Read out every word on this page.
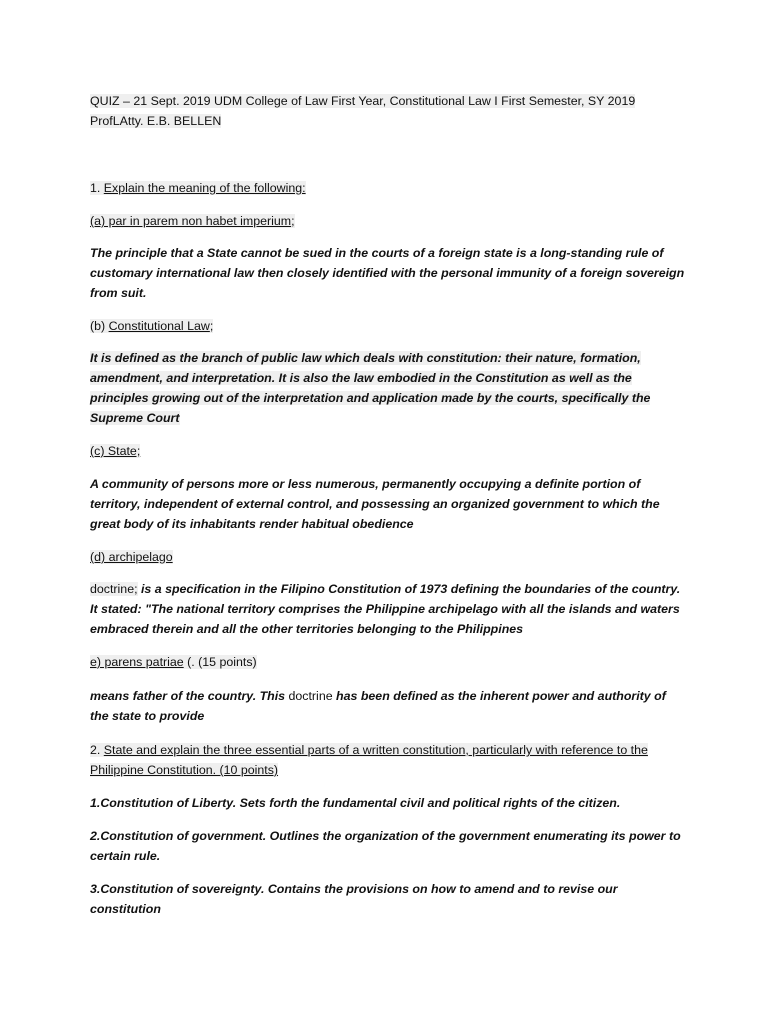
QUIZ – 21 Sept. 2019 UDM College of Law First Year, Constitutional Law I First Semester, SY 2019
ProfLAtty. E.B. BELLEN
1. Explain the meaning of the following:
(a) par in parem non habet imperium;
The principle that a State cannot be sued in the courts of a foreign state is a long-standing rule of customary international law then closely identified with the personal immunity of a foreign sovereign from suit.
(b) Constitutional Law;
It is defined as the branch of public law which deals with constitution: their nature, formation, amendment, and interpretation. It is also the law embodied in the Constitution as well as the principles growing out of the interpretation and application made by the courts, specifically the Supreme Court
(c) State;
A community of persons more or less numerous, permanently occupying a definite portion of territory, independent of external control, and possessing an organized government to which the great body of its inhabitants render habitual obedience
(d) archipelago
doctrine; is a specification in the Filipino Constitution of 1973 defining the boundaries of the country. It stated: "The national territory comprises the Philippine archipelago with all the islands and waters embraced therein and all the other territories belonging to the Philippines
e) parens patriae (. (15 points)
means father of the country. This doctrine has been defined as the inherent power and authority of the state to provide
2. State and explain the three essential parts of a written constitution, particularly with reference to the Philippine Constitution. (10 points)
1.Constitution of Liberty. Sets forth the fundamental civil and political rights of the citizen.
2.Constitution of government. Outlines the organization of the government enumerating its power to certain rule.
3.Constitution of sovereignty. Contains the provisions on how to amend and to revise our constitution
